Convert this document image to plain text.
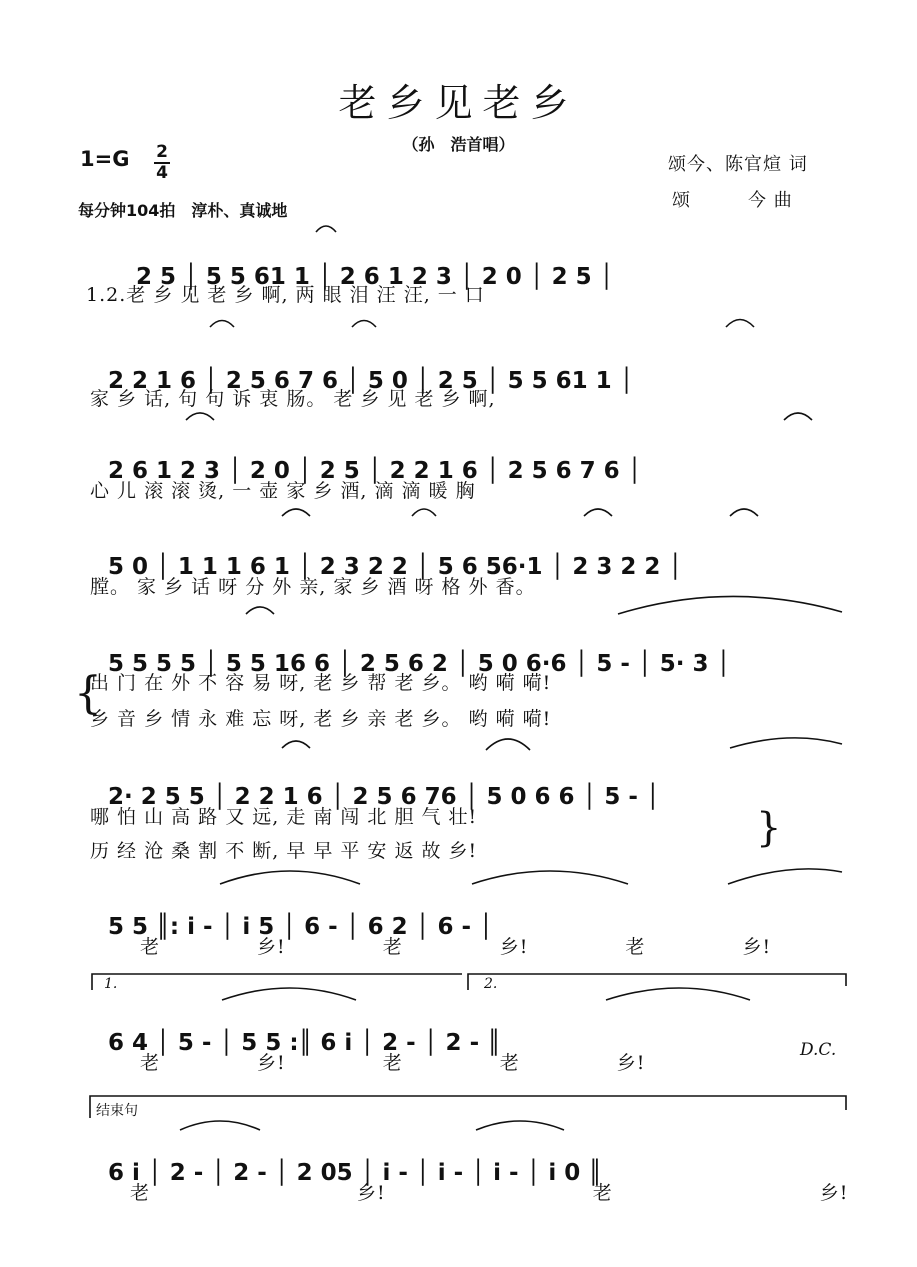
老乡见老乡
（孙　浩首唱）
1=G 2
4
每分钟104拍　淳朴、真诚地
颂今、陈官煊 词
颂　　　今 曲

2 5 │ 5 5 61 1 │ 2 6 1 2 3 │ 2 0 │ 2 5 │

1.2.老 乡 见 老 乡 啊, 两 眼 泪 汪 汪, 一 口

2 2 1 6 │ 2 5 6 7 6 │ 5 0 │ 2 5 │ 5 5 61 1 │

家 乡 话, 句 句 诉 衷 肠。 老 乡 见 老 乡 啊,

2 6 1 2 3 │ 2 0 │ 2 5 │ 2 2 1 6 │ 2 5 6 7 6 │

心 儿 滚 滚 烫, 一 壶 家 乡 酒, 滴 滴 暖 胸

5 0 │ 1 1 1 6 1 │ 2 3 2 2 │ 5 6 56·1 │ 2 3 2 2 │

膛。 家 乡 话 呀 分 外 亲, 家 乡 酒 呀 格 外 香。

5 5 5 5 │ 5 5 16 6 │ 2 5 6 2 │ 5 0 6·6 │ 5 - │ 5· 3 │

出 门 在 外 不 容 易 呀, 老 乡 帮 老 乡。 哟 嗬 嗬!
乡 音 乡 情 永 难 忘 呀, 老 乡 亲 老 乡。 哟 嗬 嗬!
{

2· 2 5 5 │ 2 2 1 6 │ 2 5 6 76 │ 5 0 6 6 │ 5 - │

哪 怕 山 高 路 又 远, 走 南 闯 北 胆 气 壮!
历 经 沧 桑 割 不 断, 早 早 平 安 返 故 乡!	}

5 5 ║: i - │ i 5 │ 6 - │ 6 2 │ 6 - │

老 乡! 老 乡! 老 乡!
1.	2.

6 4 │ 5 - │ 5 5 :║ 6 i │ 2 - │ 2 - ║

老 乡! 老 老 乡!
D.C.
结束句

6 i │ 2 - │ 2 - │ 2 05 │ i - │ i - │ i - │ i 0 ║

老 乡! 老 乡!
